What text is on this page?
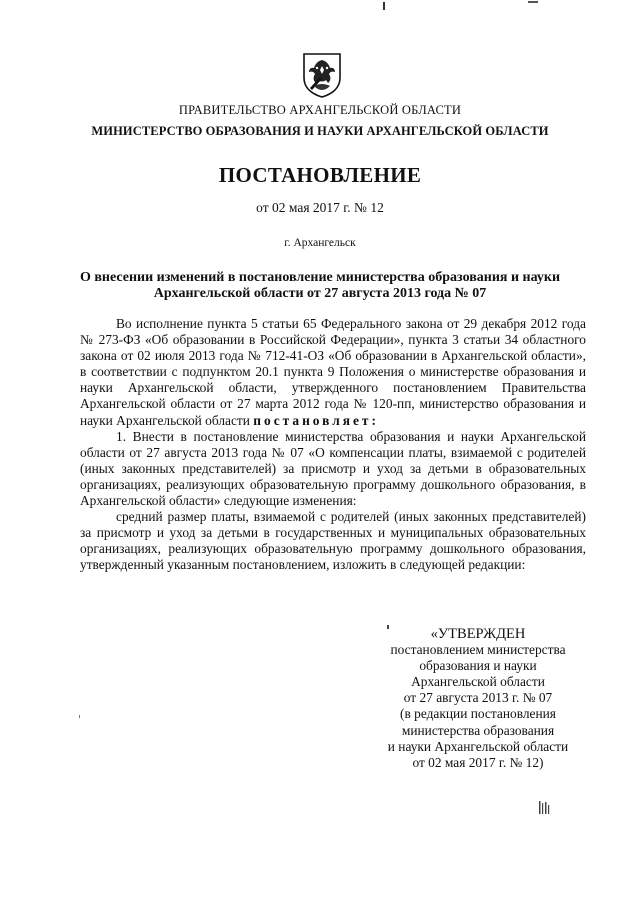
ПРАВИТЕЛЬСТВО АРХАНГЕЛЬСКОЙ ОБЛАСТИ
МИНИСТЕРСТВО ОБРАЗОВАНИЯ И НАУКИ АРХАНГЕЛЬСКОЙ ОБЛАСТИ
ПОСТАНОВЛЕНИЕ
от 02 мая 2017 г. № 12
г. Архангельск
О внесении изменений в постановление министерства образования и науки
Архангельской области от 27 августа 2013 года № 07

Во исполнение пункта 5 статьи 65 Федерального закона от 29 декабря 2012 года № 273-ФЗ «Об образовании в Российской Федерации», пункта 3 статьи 34 областного закона от 02 июля 2013 года № 712-41-ОЗ «Об образовании в Архангельской области», в соответствии с подпунктом 20.1 пункта 9 Положения о министерстве образования и науки Архангельской области, утвержденного постановлением Правительства Архангельской области от 27 марта 2012 года № 120-пп, министерство образования и науки Архангельской области постановляет:

1. Внести в постановление министерства образования и науки Архангельской области от 27 августа 2013 года № 07 «О компенсации платы, взимаемой с родителей (иных законных представителей) за присмотр и уход за детьми в образовательных организациях, реализующих образовательную программу дошкольного образования, в Архангельской области» следующие изменения:

средний размер платы, взимаемой с родителей (иных законных представителей) за присмотр и уход за детьми в государственных и муниципальных образовательных организациях, реализующих образовательную программу дошкольного образования, утвержденный указанным постановлением, изложить в следующей редакции:

«УТВЕРЖДЕН
постановлением министерства
образования и науки
Архангельской области
от 27 августа 2013 г. № 07
(в редакции постановления
министерства образования
и науки Архангельской области
от 02 мая 2017 г. № 12)
